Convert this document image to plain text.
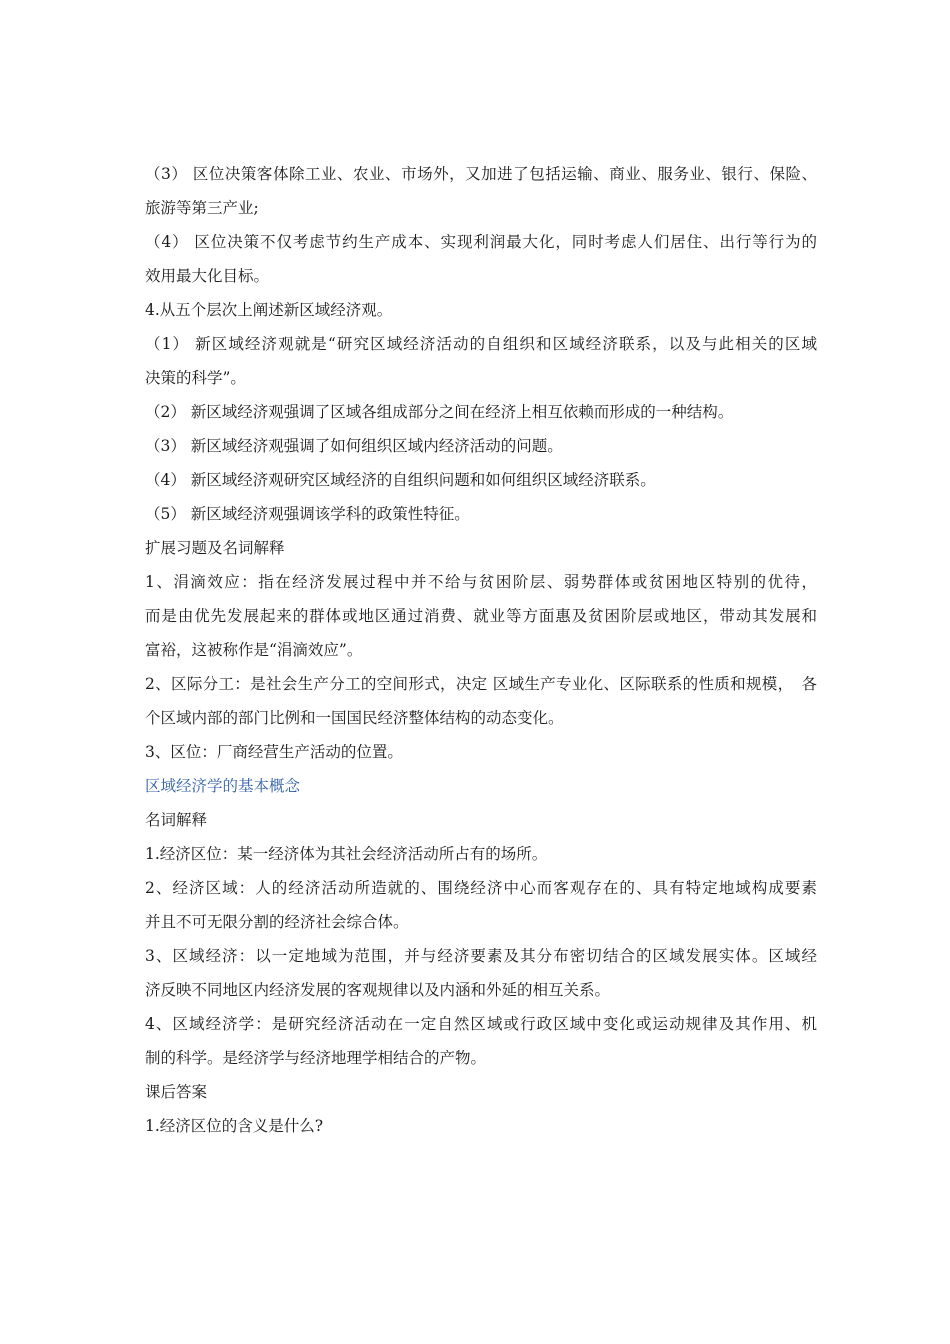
（3） 区位决策客体除工业、农业、市场外，又加进了包括运输、商业、服务业、银行、保险、
旅游等第三产业;
（4） 区位决策不仅考虑节约生产成本、实现利润最大化，同时考虑人们居住、出行等行为的
效用最大化目标。
4.从五个层次上阐述新区域经济观。
（1） 新区域经济观就是“研究区域经济活动的自组织和区域经济联系，以及与此相关的区域
决策的科学”。
（2） 新区域经济观强调了区域各组成部分之间在经济上相互依赖而形成的一种结构。
（3） 新区域经济观强调了如何组织区域内经济活动的问题。
（4） 新区域经济观研究区域经济的自组织问题和如何组织区域经济联系。
（5） 新区域经济观强调该学科的政策性特征。
扩展习题及名词解释
1、涓滴效应：指在经济发展过程中并不给与贫困阶层、弱势群体或贫困地区特别的优待，
而是由优先发展起来的群体或地区通过消费、就业等方面惠及贫困阶层或地区，带动其发展和
富裕，这被称作是“涓滴效应”。
2、区际分工：是社会生产分工的空间形式，决定 区域生产专业化、区际联系的性质和规模，　各
个区域内部的部门比例和一国国民经济整体结构的动态变化。
3、区位：厂商经营生产活动的位置。
区域经济学的基本概念
名词解释
1.经济区位：某一经济体为其社会经济活动所占有的场所。
2、经济区域：人的经济活动所造就的、围绕经济中心而客观存在的、具有特定地域构成要素
并且不可无限分割的经济社会综合体。
3、区域经济：以一定地域为范围，并与经济要素及其分布密切结合的区域发展实体。区域经
济反映不同地区内经济发展的客观规律以及内涵和外延的相互关系。
4、区域经济学：是研究经济活动在一定自然区域或行政区域中变化或运动规律及其作用、机
制的科学。是经济学与经济地理学相结合的产物。
课后答案
1.经济区位的含义是什么?
